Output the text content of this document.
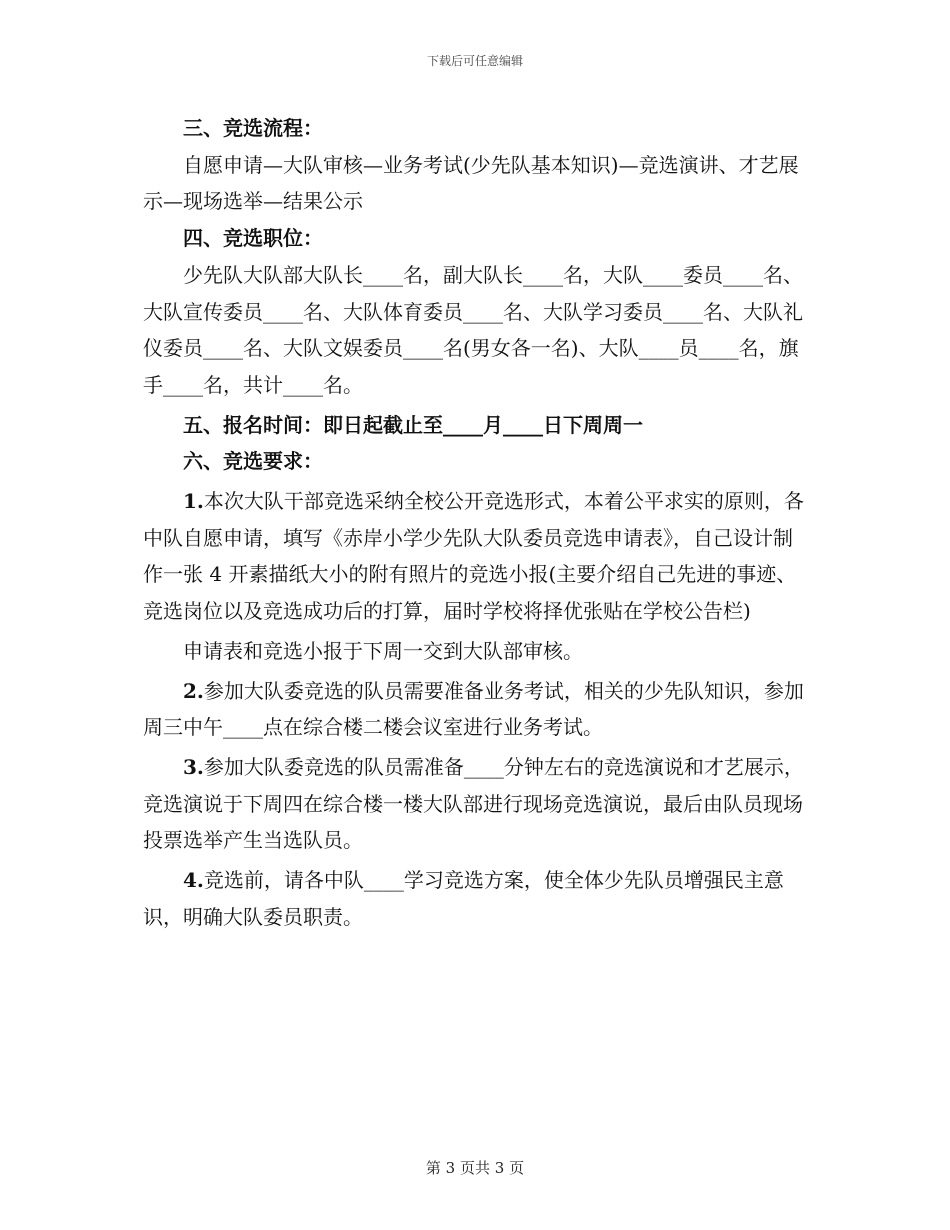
下载后可任意编辑

三、竞选流程：

自愿申请—大队审核—业务考试(少先队基本知识)—竞选演讲、才艺展示—现场选举—结果公示

四、竞选职位：

少先队大队部大队长____名，副大队长____名，大队____委员____名、大队宣传委员____名、大队体育委员____名、大队学习委员____名、大队礼仪委员____名、大队文娱委员____名(男女各一名)、大队____员____名，旗手____名，共计____名。

五、报名时间：即日起截止至____月____日下周周一

六、竞选要求：

1.本次大队干部竞选采纳全校公开竞选形式，本着公平求实的原则，各中队自愿申请，填写《赤岸小学少先队大队委员竞选申请表》，自己设计制作一张 4 开素描纸大小的附有照片的竞选小报(主要介绍自己先进的事迹、竞选岗位以及竞选成功后的打算，届时学校将择优张贴在学校公告栏)

申请表和竞选小报于下周一交到大队部审核。

2.参加大队委竞选的队员需要准备业务考试，相关的少先队知识，参加周三中午____点在综合楼二楼会议室进行业务考试。

3.参加大队委竞选的队员需准备____分钟左右的竞选演说和才艺展示，竞选演说于下周四在综合楼一楼大队部进行现场竞选演说，最后由队员现场投票选举产生当选队员。

4.竞选前，请各中队____学习竞选方案，使全体少先队员增强民主意识，明确大队委员职责。

第 3 页共 3 页
